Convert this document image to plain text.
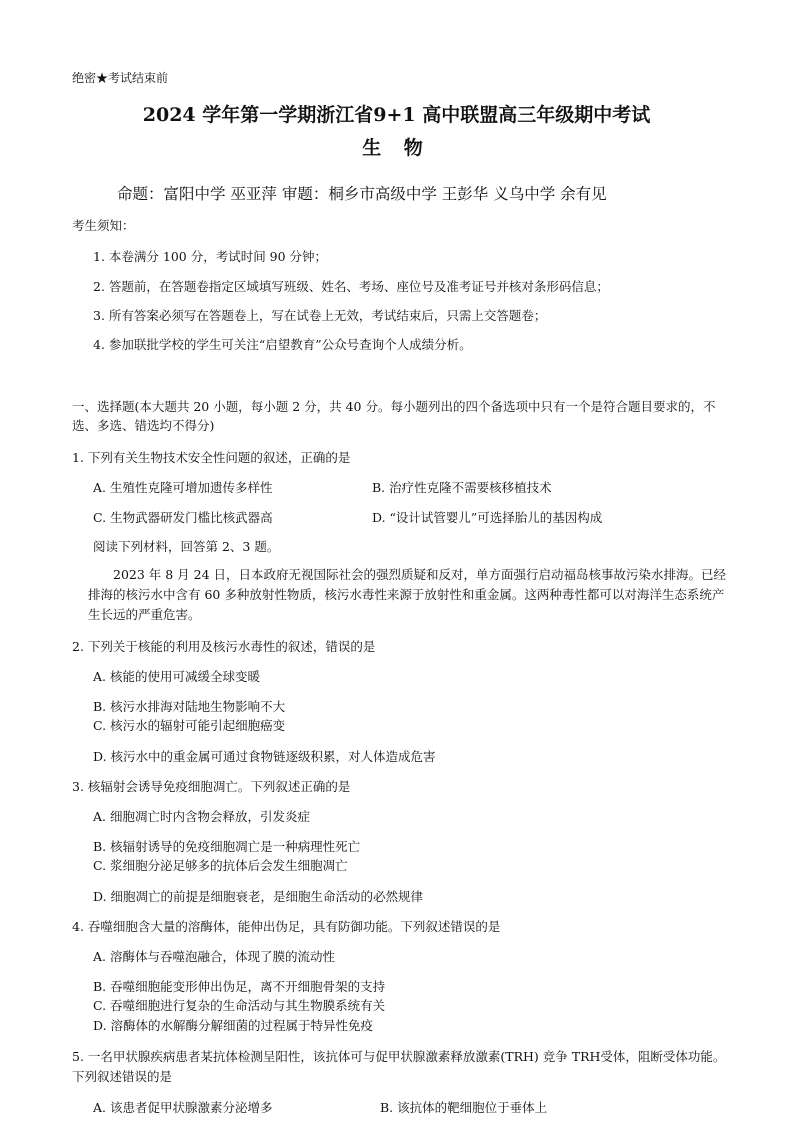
绝密★考试结束前
2024 学年第一学期浙江省9+1 高中联盟高三年级期中考试
生 物
命题：富阳中学 巫亚萍 审题：桐乡市高级中学 王彭华 义乌中学 余有见
考生须知：
1. 本卷满分 100 分，考试时间 90 分钟；
2. 答题前，在答题卷指定区域填写班级、姓名、考场、座位号及准考证号并核对条形码信息；
3. 所有答案必须写在答题卷上，写在试卷上无效，考试结束后，只需上交答题卷；
4. 参加联批学校的学生可关注“启望教育”公众号查询个人成绩分析。
一、选择题(本大题共 20 小题，每小题 2 分，共 40 分。每小题列出的四个备选项中只有一个是符合题目要求的，不选、多选、错选均不得分)
1. 下列有关生物技术安全性问题的叙述，正确的是
A. 生殖性克隆可增加遗传多样性	B. 治疗性克隆不需要核移植技术
C. 生物武器研发门槛比核武器高	D. “设计试管婴儿”可选择胎儿的基因构成
阅读下列材料，回答第 2、3 题。
2023 年 8 月 24 日，日本政府无视国际社会的强烈质疑和反对，单方面强行启动福岛核事故污染水排海。已经排海的核污水中含有 60 多种放射性物质，核污水毒性来源于放射性和重金属。这两种毒性都可以对海洋生态系统产生长远的严重危害。
2. 下列关于核能的利用及核污水毒性的叙述，错误的是
A. 核能的使用可减缓全球变暖
B. 核污水排海对陆地生物影响不大
C. 核污水的辐射可能引起细胞癌变
D. 核污水中的重金属可通过食物链逐级积累，对人体造成危害
3. 核辐射会诱导免疫细胞凋亡。下列叙述正确的是
A. 细胞凋亡时内含物会释放，引发炎症
B. 核辐射诱导的免疫细胞凋亡是一种病理性死亡
C. 浆细胞分泌足够多的抗体后会发生细胞凋亡
D. 细胞凋亡的前提是细胞衰老，是细胞生命活动的必然规律
4. 吞噬细胞含大量的溶酶体，能伸出伪足，具有防御功能。下列叙述错误的是
A. 溶酶体与吞噬泡融合，体现了膜的流动性
B. 吞噬细胞能变形伸出伪足，离不开细胞骨架的支持
C. 吞噬细胞进行复杂的生命活动与其生物膜系统有关
D. 溶酶体的水解酶分解细菌的过程属于特异性免疫
5. 一名甲状腺疾病患者某抗体检测呈阳性，该抗体可与促甲状腺激素释放激素(TRH) 竞争 TRH受体，阻断受体功能。下列叙述错误的是
A. 该患者促甲状腺激素分泌增多	B. 该抗体的靶细胞位于垂体上
